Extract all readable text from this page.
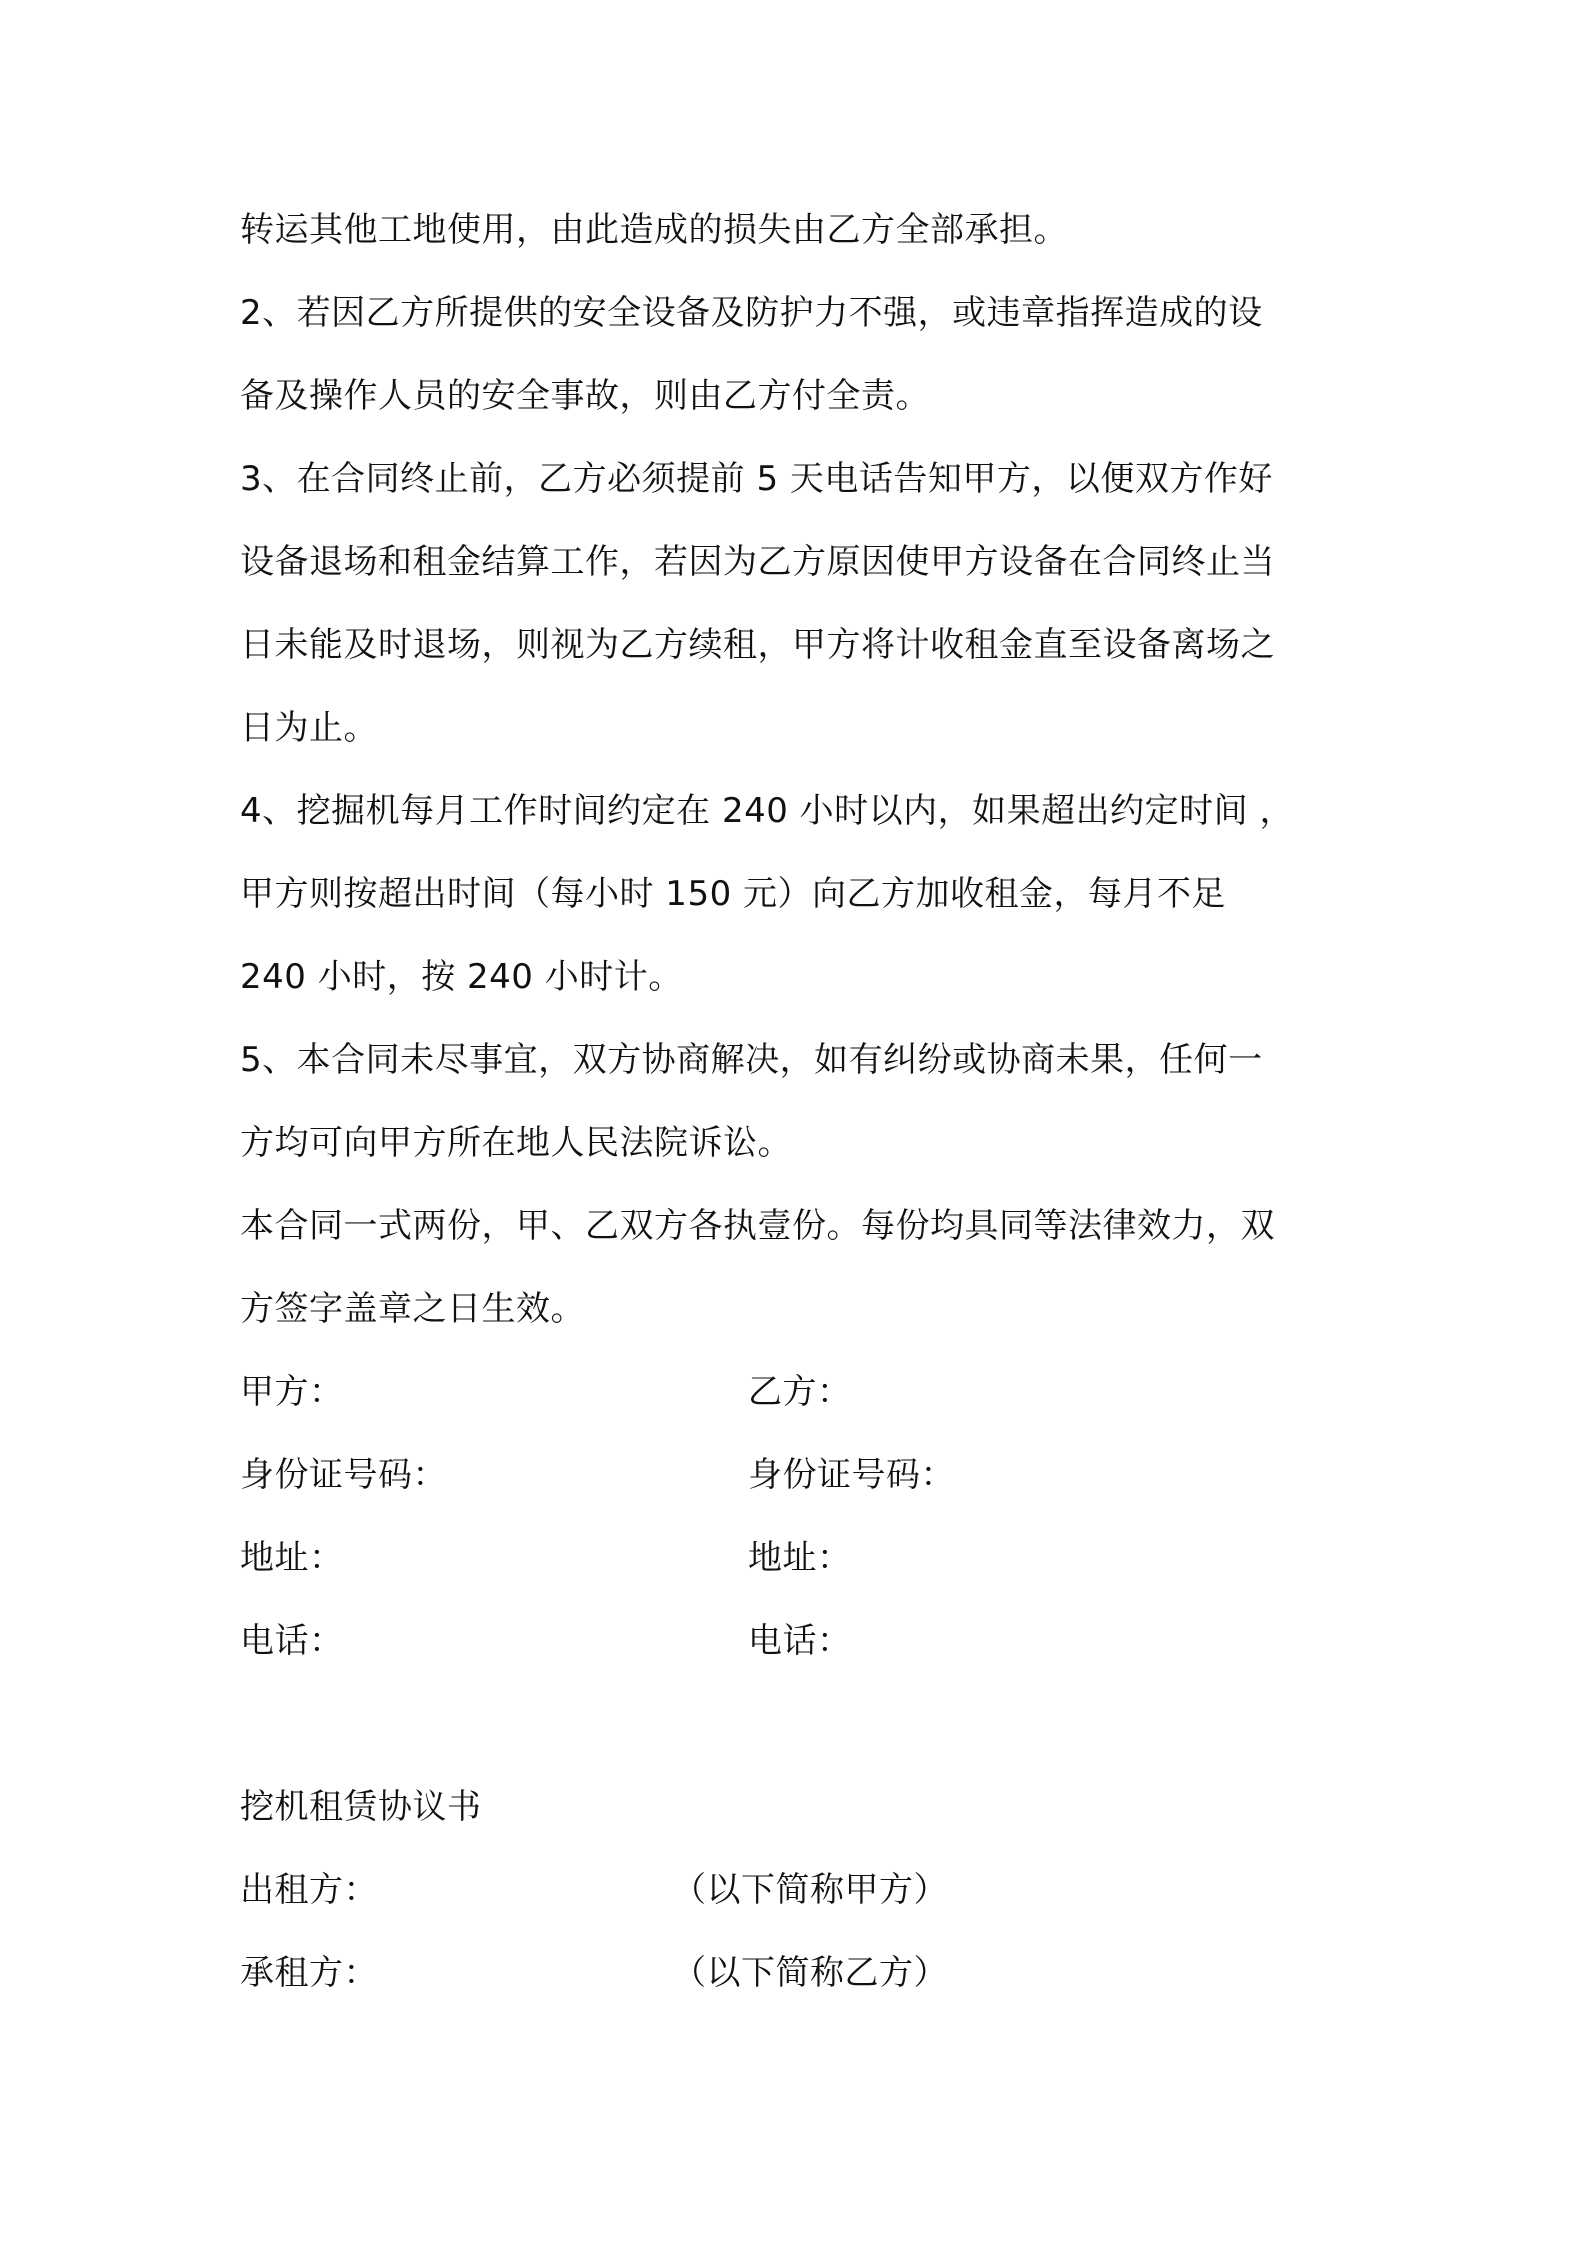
转运其他工地使用，由此造成的损失由乙方全部承担。
2、若因乙方所提供的安全设备及防护力不强，或违章指挥造成的设
备及操作人员的安全事故，则由乙方付全责。
3、在合同终止前，乙方必须提前 5 天电话告知甲方，以便双方作好
设备退场和租金结算工作，若因为乙方原因使甲方设备在合同终止当
日未能及时退场，则视为乙方续租，甲方将计收租金直至设备离场之
日为止。
4、挖掘机每月工作时间约定在 240 小时以内，如果超出约定时间 ，
甲方则按超出时间（每小时 150 元）向乙方加收租金，每月不足
240 小时，按 240 小时计。
5、本合同未尽事宜，双方协商解决，如有纠纷或协商未果，任何一
方均可向甲方所在地人民法院诉讼。
本合同一式两份，甲、乙双方各执壹份。每份均具同等法律效力，双
方签字盖章之日生效。
甲方：	乙方：
身份证号码：	身份证号码：
地址：	地址：
电话：	电话：
挖机租赁协议书
出租方：	（以下简称甲方）
承租方：	（以下简称乙方）
